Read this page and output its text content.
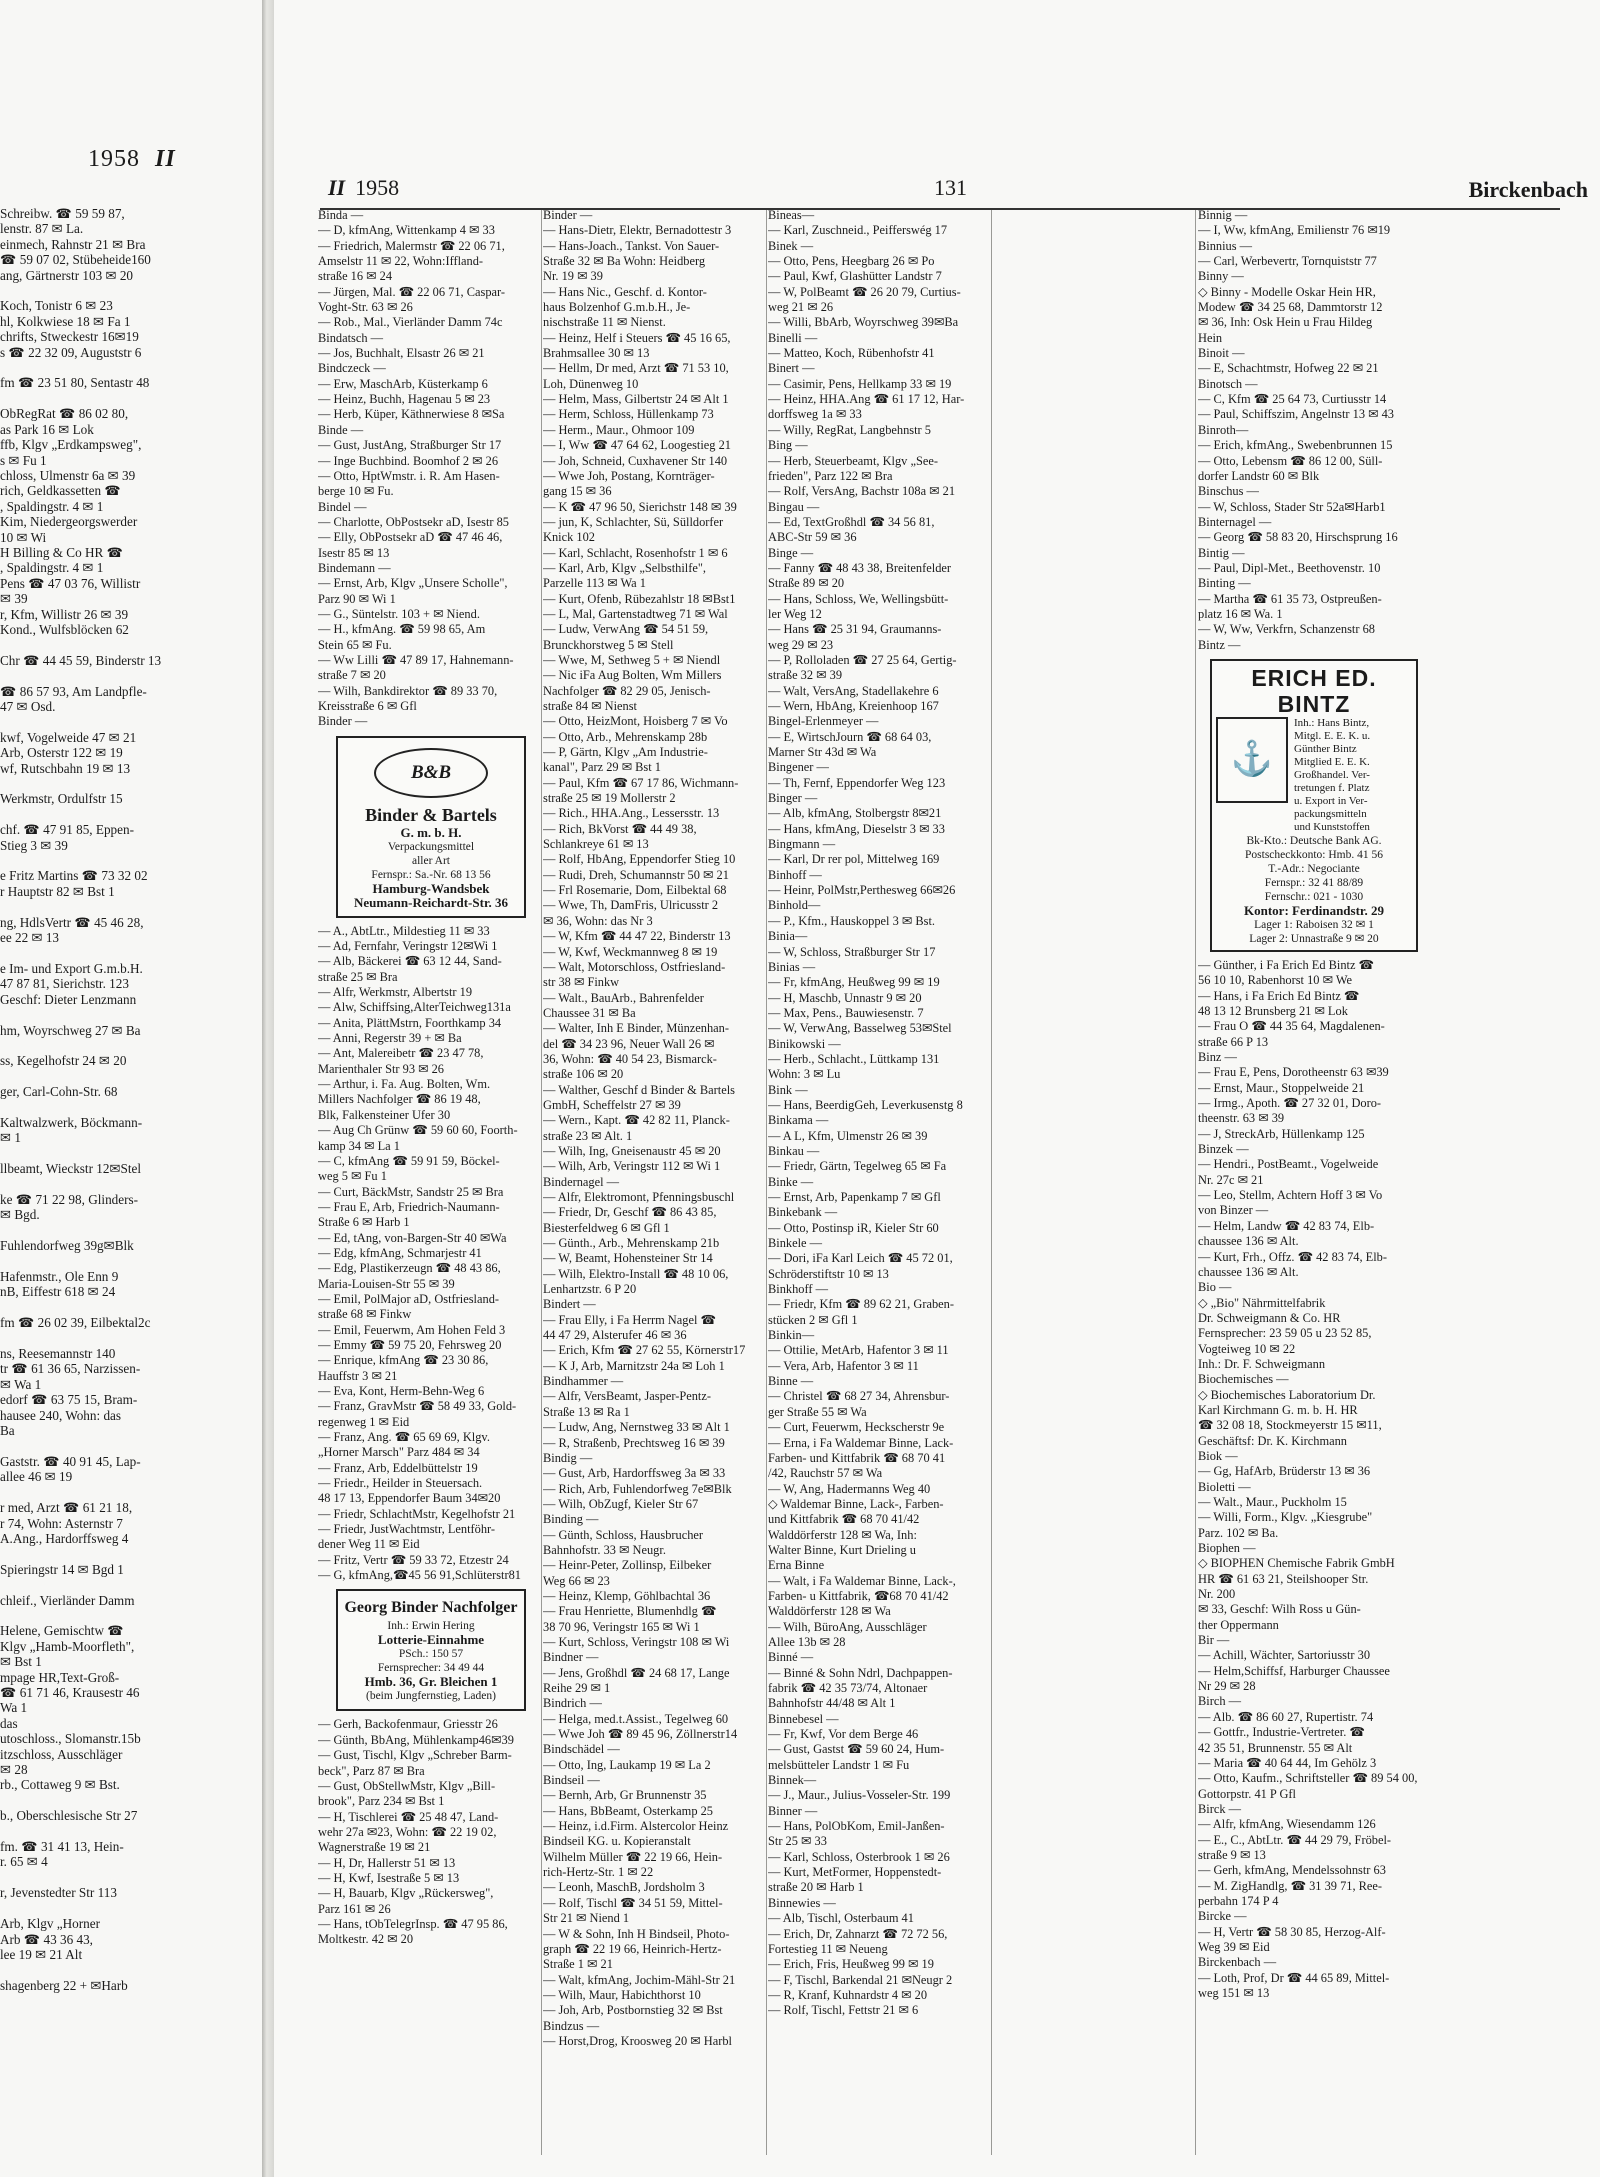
1958 II
Schreibw. ☎ 59 59 87,
lenstr. 87 ✉ La.
einmech, Rahnstr 21 ✉ Bra
☎ 59 07 02, Stübeheide160
ang, Gärtnerstr 103 ✉ 20

Koch, Tonistr 6 ✉ 23
hl, Kolkwiese 18 ✉ Fa 1
chrifts, Stweckestr 16✉19
s ☎ 22 32 09, Auguststr 6

fm ☎ 23 51 80, Sentastr 48

ObRegRat ☎ 86 02 80,
as Park 16 ✉ Lok
ffb, Klgv „Erdkampsweg",
s ✉ Fu 1
chloss, Ulmenstr 6a ✉ 39
rich, Geldkassetten ☎
, Spaldingstr. 4 ✉ 1
Kim, Niedergeorgswerder
10 ✉ Wi
H Billing & Co HR ☎
, Spaldingstr. 4 ✉ 1
Pens ☎ 47 03 76, Willistr
✉ 39
r, Kfm, Willistr 26 ✉ 39
Kond., Wulfsblöcken 62

Chr ☎ 44 45 59, Binderstr 13

☎ 86 57 93, Am Landpfle-
47 ✉ Osd.

kwf, Vogelweide 47 ✉ 21
Arb, Osterstr 122 ✉ 19
wf, Rutschbahn 19 ✉ 13

Werkmstr, Ordulfstr 15

chf. ☎ 47 91 85, Eppen-
Stieg 3 ✉ 39

e Fritz Martins ☎ 73 32 02
r Hauptstr 82 ✉ Bst 1

ng, HdlsVertr ☎ 45 46 28,
ee 22 ✉ 13

e Im- und Export G.m.b.H.
47 87 81, Sierichstr. 123
Geschf: Dieter Lenzmann

hm, Woyrschweg 27 ✉ Ba

ss, Kegelhofstr 24 ✉ 20

ger, Carl-Cohn-Str. 68

Kaltwalzwerk, Böckmann-
✉ 1

llbeamt, Wieckstr 12✉Stel

ke ☎ 71 22 98, Glinders-
✉ Bgd.

Fuhlendorfweg 39g✉Blk

Hafenmstr., Ole Enn 9
nB, Eiffestr 618 ✉ 24

fm ☎ 26 02 39, Eilbektal2c

ns, Reesemannstr 140
tr ☎ 61 36 65, Narzissen-
✉ Wa 1
edorf ☎ 63 75 15, Bram-
hausee 240, Wohn: das
Ba

Gaststr. ☎ 40 91 45, Lap-
allee 46 ✉ 19

r med, Arzt ☎ 61 21 18,
r 74, Wohn: Asternstr 7
A.Ang., Hardorffsweg 4

Spieringstr 14 ✉ Bgd 1

chleif., Vierländer Damm

Helene, Gemischtw ☎
Klgv „Hamb-Moorfleth",
✉ Bst 1
mpage HR,Text-Groß-
☎ 61 71 46, Krausestr 46
Wa 1
das
utoschloss., Slomanstr.15b
itzschloss, Ausschläger
✉ 28
rb., Cottaweg 9 ✉ Bst.

b., Oberschlesische Str 27

fm. ☎ 31 41 13, Hein-
r. 65 ✉ 4

r, Jevenstedter Str 113

Arb, Klgv „Horner
Arb ☎ 43 36 43,
lee 19 ✉ 21 Alt

shagenberg 22 + ✉Harb
II 1958	131	Birckenbach
Binda —
— D, kfmAng, Wittenkamp 4 ✉ 33
— Friedrich, Malermstr ☎ 22 06 71,
Amselstr 11 ✉ 22, Wohn:Iffland-
straße 16 ✉ 24
— Jürgen, Mal. ☎ 22 06 71, Caspar-
Voght-Str. 63 ✉ 26
— Rob., Mal., Vierländer Damm 74c
Bindatsch —
— Jos, Buchhalt, Elsastr 26 ✉ 21
Bindczeck —
— Erw, MaschArb, Küsterkamp 6
— Heinz, Buchh, Hagenau 5 ✉ 23
— Herb, Küper, Käthnerwiese 8 ✉Sa
Binde —
— Gust, JustAng, Straßburger Str 17
— Inge Buchbind. Boomhof 2 ✉ 26
— Otto, HptWmstr. i. R. Am Hasen-
berge 10 ✉ Fu.
Bindel —
— Charlotte, ObPostsekr aD, Isestr 85
— Elly, ObPostsekr aD ☎ 47 46 46,
Isestr 85 ✉ 13
Bindemann —
— Ernst, Arb, Klgv „Unsere Scholle",
Parz 90 ✉ Wi 1
— G., Süntelstr. 103 + ✉ Niend.
— H., kfmAng. ☎ 59 98 65, Am
Stein 65 ✉ Fu.
— Ww Lilli ☎ 47 89 17, Hahnemann-
straße 7 ✉ 20
— Wilh, Bankdirektor ☎ 89 33 70,
Kreisstraße 6 ✉ Gfl
Binder —
B&B
Binder & Bartels
G. m. b. H.
Verpackungsmittel
aller Art
Fernspr.: Sa.-Nr. 68 13 56
Hamburg-Wandsbek
Neumann-Reichardt-Str. 36
— A., AbtLtr., Mildestieg 11 ✉ 33
— Ad, Fernfahr, Veringstr 12✉Wi 1
— Alb, Bäckerei ☎ 63 12 44, Sand-
straße 25 ✉ Bra
— Alfr, Werkmstr, Albertstr 19
— Alw, Schiffsing,AlterTeichweg131a
— Anita, PlättMstrn, Foorthkamp 34
— Anni, Regerstr 39 + ✉ Ba
— Ant, Malereibetr ☎ 23 47 78,
Marienthaler Str 93 ✉ 26
— Arthur, i. Fa. Aug. Bolten, Wm.
Millers Nachfolger ☎ 86 19 48,
Blk, Falkensteiner Ufer 30
— Aug Ch Grünw ☎ 59 60 60, Foorth-
kamp 34 ✉ La 1
— C, kfmAng ☎ 59 91 59, Böckel-
weg 5 ✉ Fu 1
— Curt, BäckMstr, Sandstr 25 ✉ Bra
— Frau E, Arb, Friedrich-Naumann-
Straße 6 ✉ Harb 1
— Ed, tAng, von-Bargen-Str 40 ✉Wa
— Edg, kfmAng, Schmarjestr 41
— Edg, Plastikerzeugn ☎ 48 43 86,
Maria-Louisen-Str 55 ✉ 39
— Emil, PolMajor aD, Ostfriesland-
straße 68 ✉ Finkw
— Emil, Feuerwm, Am Hohen Feld 3
— Emmy ☎ 59 75 20, Fehrsweg 20
— Enrique, kfmAng ☎ 23 30 86,
Hauffstr 3 ✉ 21
— Eva, Kont, Herm-Behn-Weg 6
— Franz, GravMstr ☎ 58 49 33, Gold-
regenweg 1 ✉ Eid
— Franz, Ang. ☎ 65 69 69, Klgv.
„Horner Marsch" Parz 484 ✉ 34
— Franz, Arb, Eddelbüttelstr 19
— Friedr., Heilder in Steuersach.
48 17 13, Eppendorfer Baum 34✉20
— Friedr, SchlachtMstr, Kegelhofstr 21
— Friedr, JustWachtmstr, Lentföhr-
dener Weg 11 ✉ Eid
— Fritz, Vertr ☎ 59 33 72, Etzestr 24
— G, kfmAng,☎45 56 91,Schlüterstr81
Georg Binder Nachfolger
Inh.: Erwin Hering
Lotterie-Einnahme
PSch.: 150 57
Fernsprecher: 34 49 44
Hmb. 36, Gr. Bleichen 1
(beim Jungfernstieg, Laden)
— Gerh, Backofenmaur, Griesstr 26
— Günth, BbAng, Mühlenkamp46✉39
— Gust, Tischl, Klgv „Schreber Barm-
beck", Parz 87 ✉ Bra
— Gust, ObStellwMstr, Klgv „Bill-
brook", Parz 234 ✉ Bst 1
— H, Tischlerei ☎ 25 48 47, Land-
wehr 27a ✉23, Wohn: ☎ 22 19 02,
Wagnerstraße 19 ✉ 21
— H, Dr, Hallerstr 51 ✉ 13
— H, Kwf, Isestraße 5 ✉ 13
— H, Bauarb, Klgv „Rückersweg",
Parz 161 ✉ 26
— Hans, tObTelegrInsp. ☎ 47 95 86,
Moltkestr. 42 ✉ 20
Binder —
— Hans-Dietr, Elektr, Bernadottestr 3
— Hans-Joach., Tankst. Von Sauer-
Straße 32 ✉ Ba Wohn: Heidberg
Nr. 19 ✉ 39
— Hans Nic., Geschf. d. Kontor-
haus Bolzenhof G.m.b.H., Je-
nischstraße 11 ✉ Nienst.
— Heinz, Helf i Steuers ☎ 45 16 65,
Brahmsallee 30 ✉ 13
— Hellm, Dr med, Arzt ☎ 71 53 10,
Loh, Dünenweg 10
— Helm, Mass, Gilbertstr 24 ✉ Alt 1
— Herm, Schloss, Hüllenkamp 73
— Herm., Maur., Ohmoor 109
— I, Ww ☎ 47 64 62, Loogestieg 21
— Joh, Schneid, Cuxhavener Str 140
— Wwe Joh, Postang, Kornträger-
gang 15 ✉ 36
— K ☎ 47 96 50, Sierichstr 148 ✉ 39
— jun, K, Schlachter, Sü, Sülldorfer
Knick 102
— Karl, Schlacht, Rosenhofstr 1 ✉ 6
— Karl, Arb, Klgv „Selbsthilfe",
Parzelle 113 ✉ Wa 1
— Kurt, Ofenb, Rübezahlstr 18 ✉Bst1
— L, Mal, Gartenstadtweg 71 ✉ Wal
— Ludw, VerwAng ☎ 54 51 59,
Brunckhorstweg 5 ✉ Stell
— Wwe, M, Sethweg 5 + ✉ Niendl
— Nic iFa Aug Bolten, Wm Millers
Nachfolger ☎ 82 29 05, Jenisch-
straße 84 ✉ Nienst
— Otto, HeizMont, Hoisberg 7 ✉ Vo
— Otto, Arb., Mehrenskamp 28b
— P, Gärtn, Klgv „Am Industrie-
kanal", Parz 29 ✉ Bst 1
— Paul, Kfm ☎ 67 17 86, Wichmann-
straße 25 ✉ 19 Mollerstr 2
— Rich., HHA.Ang., Lessersstr. 13
— Rich, BkVorst ☎ 44 49 38,
Schlankreye 61 ✉ 13
— Rolf, HbAng, Eppendorfer Stieg 10
— Rudi, Dreh, Schumannstr 50 ✉ 21
— Frl Rosemarie, Dom, Eilbektal 68
— Wwe, Th, DamFris, Ulricusstr 2
✉ 36, Wohn: das Nr 3
— W, Kfm ☎ 44 47 22, Binderstr 13
— W, Kwf, Weckmannweg 8 ✉ 19
— Walt, Motorschloss, Ostfriesland-
str 38 ✉ Finkw
— Walt., BauArb., Bahrenfelder
Chaussee 31 ✉ Ba
— Walter, Inh E Binder, Münzenhan-
del ☎ 34 23 96, Neuer Wall 26 ✉
36, Wohn: ☎ 40 54 23, Bismarck-
straße 106 ✉ 20
— Walther, Geschf d Binder & Bartels
GmbH, Scheffelstr 27 ✉ 39
— Wern., Kapt. ☎ 42 82 11, Planck-
straße 23 ✉ Alt. 1
— Wilh, Ing, Gneisenaustr 45 ✉ 20
— Wilh, Arb, Veringstr 112 ✉ Wi 1
Bindernagel —
— Alfr, Elektromont, Pfenningsbuschl
— Friedr, Dr, Geschf ☎ 86 43 85,
Biesterfeldweg 6 ✉ Gfl 1
— Günth., Arb., Mehrenskamp 21b
— W, Beamt, Hohensteiner Str 14
— Wilh, Elektro-Install ☎ 48 10 06,
Lenhartzstr. 6 P 20
Bindert —
— Frau Elly, i Fa Herrm Nagel ☎
44 47 29, Alsterufer 46 ✉ 36
— Erich, Kfm ☎ 27 62 55, Körnerstr17
— K J, Arb, Marnitzstr 24a ✉ Loh 1
Bindhammer —
— Alfr, VersBeamt, Jasper-Pentz-
Straße 13 ✉ Ra 1
— Ludw, Ang, Nernstweg 33 ✉ Alt 1
— R, Straßenb, Prechtsweg 16 ✉ 39
Bindig —
— Gust, Arb, Hardorffsweg 3a ✉ 33
— Rich, Arb, Fuhlendorfweg 7e✉Blk
— Wilh, ObZugf, Kieler Str 67
Binding —
— Günth, Schloss, Hausbrucher
Bahnhofstr. 33 ✉ Neugr.
— Heinr-Peter, Zollinsp, Eilbeker
Weg 66 ✉ 23
— Heinz, Klemp, Göhlbachtal 36
— Frau Henriette, Blumenhdlg ☎
38 70 96, Veringstr 165 ✉ Wi 1
— Kurt, Schloss, Veringstr 108 ✉ Wi
Bindner —
— Jens, Großhdl ☎ 24 68 17, Lange
Reihe 29 ✉ 1
Bindrich —
— Helga, med.t.Assist., Tegelweg 60
— Wwe Joh ☎ 89 45 96, Zöllnerstr14
Bindschädel —
— Otto, Ing, Laukamp 19 ✉ La 2
Bindseil —
— Bernh, Arb, Gr Brunnenstr 35
— Hans, BbBeamt, Osterkamp 25
— Heinz, i.d.Firm. Alstercolor Heinz
Bindseil KG. u. Kopieranstalt
Wilhelm Müller ☎ 22 19 66, Hein-
rich-Hertz-Str. 1 ✉ 22
— Leonh, MaschB, Jordsholm 3
— Rolf, Tischl ☎ 34 51 59, Mittel-
Str 21 ✉ Niend 1
— W & Sohn, Inh H Bindseil, Photo-
graph ☎ 22 19 66, Heinrich-Hertz-
Straße 1 ✉ 21
— Walt, kfmAng, Jochim-Mähl-Str 21
— Wilh, Maur, Habichthorst 10
— Joh, Arb, Postbornstieg 32 ✉ Bst
Bindzus —
— Horst,Drog, Kroosweg 20 ✉ Harbl
Bineas—
— Karl, Zuschneid., Peifferswég 17
Binek —
— Otto, Pens, Heegbarg 26 ✉ Po
— Paul, Kwf, Glashütter Landstr 7
— W, PolBeamt ☎ 26 20 79, Curtius-
weg 21 ✉ 26
— Willi, BbArb, Woyrschweg 39✉Ba
Binelli —
— Matteo, Koch, Rübenhofstr 41
Binert —
— Casimir, Pens, Hellkamp 33 ✉ 19
— Heinz, HHA.Ang ☎ 61 17 12, Har-
dorffsweg 1a ✉ 33
— Willy, RegRat, Langbehnstr 5
Bing —
— Herb, Steuerbeamt, Klgv „See-
frieden", Parz 122 ✉ Bra
— Rolf, VersAng, Bachstr 108a ✉ 21
Bingau —
— Ed, TextGroßhdl ☎ 34 56 81,
ABC-Str 59 ✉ 36
Binge —
— Fanny ☎ 48 43 38, Breitenfelder
Straße 89 ✉ 20
— Hans, Schloss, We, Wellingsbütt-
ler Weg 12
— Hans ☎ 25 31 94, Graumanns-
weg 29 ✉ 23
— P, Rolloladen ☎ 27 25 64, Gertig-
straße 32 ✉ 39
— Walt, VersAng, Stadellakehre 6
— Wern, HbAng, Kreienhoop 167
Bingel-Erlenmeyer —
— E, WirtschJourn ☎ 68 64 03,
Marner Str 43d ✉ Wa
Bingener —
— Th, Fernf, Eppendorfer Weg 123
Binger —
— Alb, kfmAng, Stolbergstr 8✉21
— Hans, kfmAng, Dieselstr 3 ✉ 33
Bingmann —
— Karl, Dr rer pol, Mittelweg 169
Binhoff —
— Heinr, PolMstr,Perthesweg 66✉26
Binhold—
— P., Kfm., Hauskoppel 3 ✉ Bst.
Binia—
— W, Schloss, Straßburger Str 17
Binias —
— Fr, kfmAng, Heußweg 99 ✉ 19
— H, Maschb, Unnastr 9 ✉ 20
— Max, Pens., Bauwiesenstr. 7
— W, VerwAng, Basselweg 53✉Stel
Binikowski —
— Herb., Schlacht., Lüttkamp 131
Wohn: 3 ✉ Lu
Bink —
— Hans, BeerdigGeh, Leverkusenstg 8
Binkama —
— A L, Kfm, Ulmenstr 26 ✉ 39
Binkau —
— Friedr, Gärtn, Tegelweg 65 ✉ Fa
Binke —
— Ernst, Arb, Papenkamp 7 ✉ Gfl
Binkebank —
— Otto, Postinsp iR, Kieler Str 60
Binkele —
— Dori, iFa Karl Leich ☎ 45 72 01,
Schröderstiftstr 10 ✉ 13
Binkhoff —
— Friedr, Kfm ☎ 89 62 21, Graben-
stücken 2 ✉ Gfl 1
Binkin—
— Ottilie, MetArb, Hafentor 3 ✉ 11
— Vera, Arb, Hafentor 3 ✉ 11
Binne —
— Christel ☎ 68 27 34, Ahrensbur-
ger Straße 55 ✉ Wa
— Curt, Feuerwm, Heckscherstr 9e
— Erna, i Fa Waldemar Binne, Lack-
Farben- und Kittfabrik ☎ 68 70 41
/42, Rauchstr 57 ✉ Wa
— W, Ang, Hadermanns Weg 40
◇ Waldemar Binne, Lack-, Farben-
und Kittfabrik ☎ 68 70 41/42
Walddörferstr 128 ✉ Wa, Inh:
Walter Binne, Kurt Drieling u
Erna Binne
— Walt, i Fa Waldemar Binne, Lack-,
Farben- u Kittfabrik, ☎68 70 41/42
Walddörferstr 128 ✉ Wa
— Wilh, BüroAng, Ausschläger
Allee 13b ✉ 28
Binné —
— Binné & Sohn Ndrl, Dachpappen-
fabrik ☎ 42 35 73/74, Altonaer
Bahnhofstr 44/48 ✉ Alt 1
Binnebesel —
— Fr, Kwf, Vor dem Berge 46
— Gust, Gastst ☎ 59 60 24, Hum-
melsbütteler Landstr 1 ✉ Fu
Binnek—
— J., Maur., Julius-Vosseler-Str. 199
Binner —
— Hans, PolObKom, Emil-Janßen-
Str 25 ✉ 33
— Karl, Schloss, Osterbrook 1 ✉ 26
— Kurt, MetFormer, Hoppenstedt-
straße 20 ✉ Harb 1
Binnewies —
— Alb, Tischl, Osterbaum 41
— Erich, Dr, Zahnarzt ☎ 72 72 56,
Fortestieg 11 ✉ Neueng
— Erich, Fris, Heußweg 99 ✉ 19
— F, Tischl, Barkendal 21 ✉Neugr 2
— R, Kranf, Kuhnardstr 4 ✉ 20
— Rolf, Tischl, Fettstr 21 ✉ 6
Binnig —
— I, Ww, kfmAng, Emilienstr 76 ✉19
Binnius —
— Carl, Werbevertr, Tornquiststr 77
Binny —
◇ Binny - Modelle Oskar Hein HR,
Modew ☎ 34 25 68, Dammtorstr 12
✉ 36, Inh: Osk Hein u Frau Hildeg
Hein
Binoit —
— E, Schachtmstr, Hofweg 22 ✉ 21
Binotsch —
— C, Kfm ☎ 25 64 73, Curtiusstr 14
— Paul, Schiffszim, Angelnstr 13 ✉ 43
Binroth—
— Erich, kfmAng., Swebenbrunnen 15
— Otto, Lebensm ☎ 86 12 00, Süll-
dorfer Landstr 60 ✉ Blk
Binschus —
— W, Schloss, Stader Str 52a✉Harb1
Binternagel —
— Georg ☎ 58 83 20, Hirschsprung 16
Bintig —
— Paul, Dipl-Met., Beethovenstr. 10
Binting —
— Martha ☎ 61 35 73, Ostpreußen-
platz 16 ✉ Wa. 1
— W, Ww, Verkfrn, Schanzenstr 68
Bintz —
ERICH ED. BINTZ
⚓
Inh.: Hans Bintz,
Mitgl. E. E. K. u.
Günther Bintz
Mitglied E. E. K.
Großhandel. Ver-
tretungen f. Platz
u. Export in Ver-
packungsmitteln
und Kunststoffen
Bk-Kto.: Deutsche Bank AG.
Postscheckkonto: Hmb. 41 56
T.-Adr.: Negociante
Fernspr.: 32 41 88/89
Fernschr.: 021 - 1030
Kontor: Ferdinandstr. 29
Lager 1: Raboisen 32 ✉ 1
Lager 2: Unnastraße 9 ✉ 20
— Günther, i Fa Erich Ed Bintz ☎
56 10 10, Rabenhorst 10 ✉ We
— Hans, i Fa Erich Ed Bintz ☎
48 13 12 Brunsberg 21 ✉ Lok
— Frau O ☎ 44 35 64, Magdalenen-
straße 66 P 13
Binz —
— Frau E, Pens, Dorotheenstr 63 ✉39
— Ernst, Maur., Stoppelweide 21
— Irmg., Apoth. ☎ 27 32 01, Doro-
theenstr. 63 ✉ 39
— J, StreckArb, Hüllenkamp 125
Binzek —
— Hendri., PostBeamt., Vogelweide
Nr. 27c ✉ 21
— Leo, Stellm, Achtern Hoff 3 ✉ Vo
von Binzer —
— Helm, Landw ☎ 42 83 74, Elb-
chaussee 136 ✉ Alt.
— Kurt, Frh., Offz. ☎ 42 83 74, Elb-
chaussee 136 ✉ Alt.
Bio —
◇ „Bio" Nährmittelfabrik
Dr. Schweigmann & Co. HR
Fernsprecher: 23 59 05 u 23 52 85,
Vogteiweg 10 ✉ 22
Inh.: Dr. F. Schweigmann
Biochemisches —
◇ Biochemisches Laboratorium Dr.
Karl Kirchmann G. m. b. H. HR
☎ 32 08 18, Stockmeyerstr 15 ✉11,
Geschäftsf: Dr. K. Kirchmann
Biok —
— Gg, HafArb, Brüderstr 13 ✉ 36
Bioletti —
— Walt., Maur., Puckholm 15
— Willi, Form., Klgv. „Kiesgrube"
Parz. 102 ✉ Ba.
Biophen —
◇ BIOPHEN Chemische Fabrik GmbH
HR ☎ 61 63 21, Steilshooper Str.
Nr. 200
✉ 33, Geschf: Wilh Ross u Gün-
ther Oppermann
Bir —
— Achill, Wächter, Sartoriusstr 30
— Helm,Schiffsf, Harburger Chaussee
Nr 29 ✉ 28
Birch —
— Alb. ☎ 86 60 27, Rupertistr. 74
— Gottfr., Industrie-Vertreter. ☎
42 35 51, Brunnenstr. 55 ✉ Alt
— Maria ☎ 40 64 44, Im Gehölz 3
— Otto, Kaufm., Schriftsteller ☎ 89 54 00,
Gottorpstr. 41 P Gfl
Birck —
— Alfr, kfmAng, Wiesendamm 126
— E., C., AbtLtr. ☎ 44 29 79, Fröbel-
straße 9 ✉ 13
— Gerh, kfmAng, Mendelssohnstr 63
— M. ZigHandlg, ☎ 31 39 71, Ree-
perbahn 174 P 4
Bircke —
— H, Vertr ☎ 58 30 85, Herzog-Alf-
Weg 39 ✉ Eid
Birckenbach —
— Loth, Prof, Dr ☎ 44 65 89, Mittel-
weg 151 ✉ 13
